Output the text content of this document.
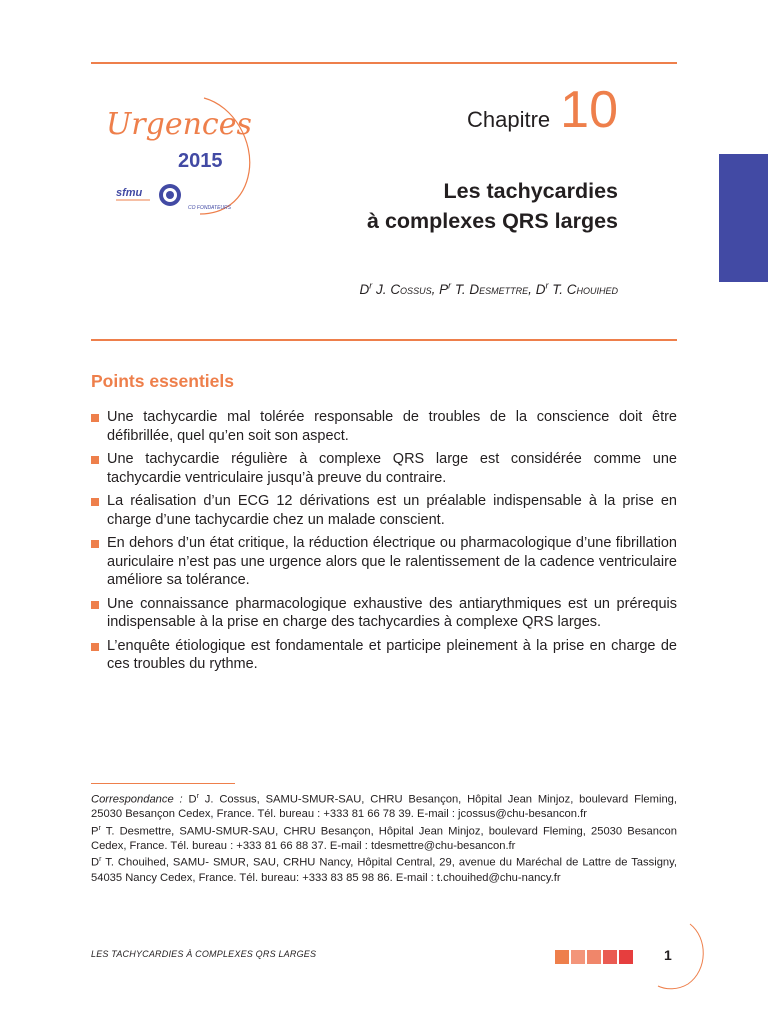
Urgences
2015
sfmu
CO FONDATEURS
Chapitre 10
Les tachycardies
à complexes QRS larges
$D^r$ J. Cossus, $P^r$ T. Desmettre, $D^r$ T. Chouihed
Points essentiels
Une tachycardie mal tolérée responsable de troubles de la conscience doit être défibrillée, quel qu’en soit son aspect.
Une tachycardie régulière à complexe QRS large est considérée comme une tachycardie ventriculaire jusqu’à preuve du contraire.
La réalisation d’un ECG 12 dérivations est un préalable indispensable à la prise en charge d’une tachycardie chez un malade conscient.
En dehors d’un état critique, la réduction électrique ou pharmacologique d’une fibrillation auriculaire n’est pas une urgence alors que le ralentissement de la cadence ventriculaire améliore sa tolérance.
Une connaissance pharmacologique exhaustive des antiarythmiques est un prérequis indispensable à la prise en charge des tachycardies à complexe QRS larges.
L’enquête étiologique est fondamentale et participe pleinement à la prise en charge de ces troubles du rythme.

Correspondance : $D^r$ J. Cossus, SAMU-SMUR-SAU, CHRU Besançon, Hôpital Jean Minjoz, boulevard Fleming, 25030 Besançon Cedex, France. Tél. bureau : +333 81 66 78 39. E-mail : jcossus@chu-besancon.fr

$P^r$ T. Desmettre, SAMU-SMUR-SAU, CHRU Besançon, Hôpital Jean Minjoz, boulevard Fleming, 25030 Besancon Cedex, France. Tél. bureau : +333 81 66 88 37. E-mail : tdesmettre@chu-besancon.fr

$D^r$ T. Chouihed, SAMU- SMUR, SAU, CRHU Nancy, Hôpital Central, 29, avenue du Maréchal de Lattre de Tassigny, 54035 Nancy Cedex, France. Tél. bureau: +333 83 85 98 86. E-mail : t.chouihed@chu-nancy.fr

LES TACHYCARDIES À COMPLEXES QRS LARGES	1
